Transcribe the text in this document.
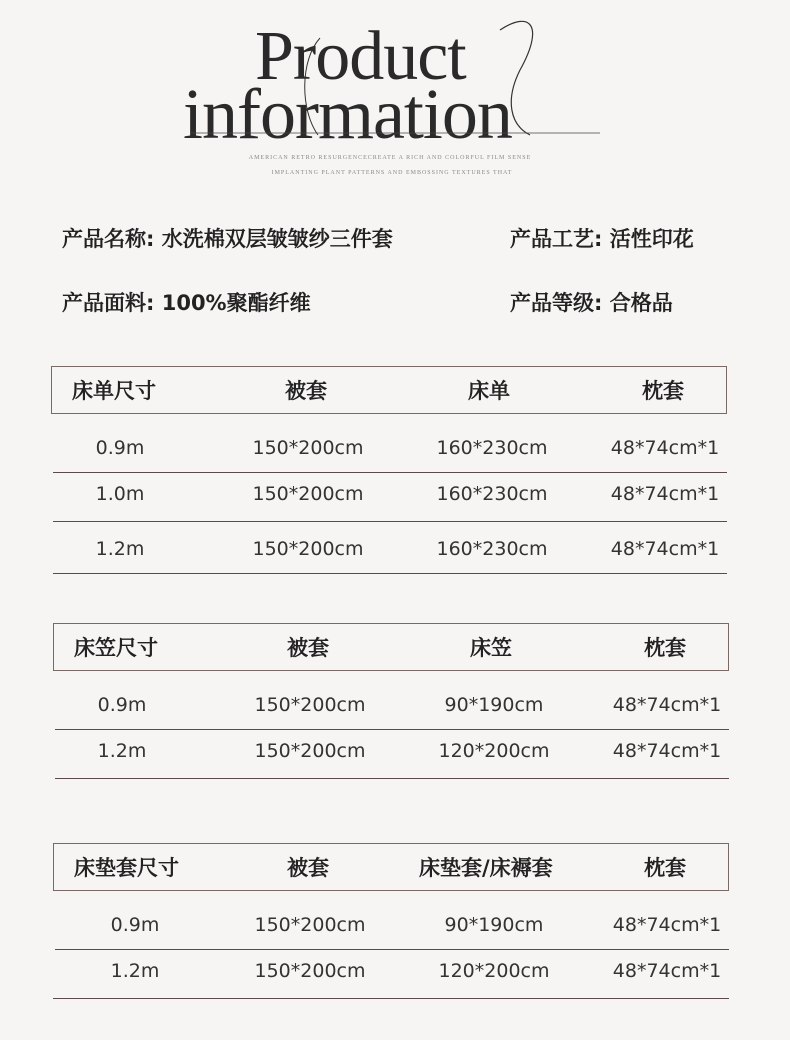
Product
information
AMERICAN RETRO RESURGENCECREATE A RICH AND COLORFUL FILM SENSE
IMPLANTING PLANT PATTERNS AND EMBOSSING TEXTURES THAT
产品名称: 水洗棉双层皱皱纱三件套	产品工艺: 活性印花
产品面料: 100%聚酯纤维	产品等级: 合格品
床单尺寸	被套	床单	枕套
0.9m	150*200cm	160*230cm	48*74cm*1
1.0m	150*200cm	160*230cm	48*74cm*1
1.2m	150*200cm	160*230cm	48*74cm*1
床笠尺寸	被套	床笠	枕套
0.9m	150*200cm	90*190cm	48*74cm*1
1.2m	150*200cm	120*200cm	48*74cm*1
床垫套尺寸	被套	床垫套/床褥套	枕套
0.9m	150*200cm	90*190cm	48*74cm*1
1.2m	150*200cm	120*200cm	48*74cm*1
